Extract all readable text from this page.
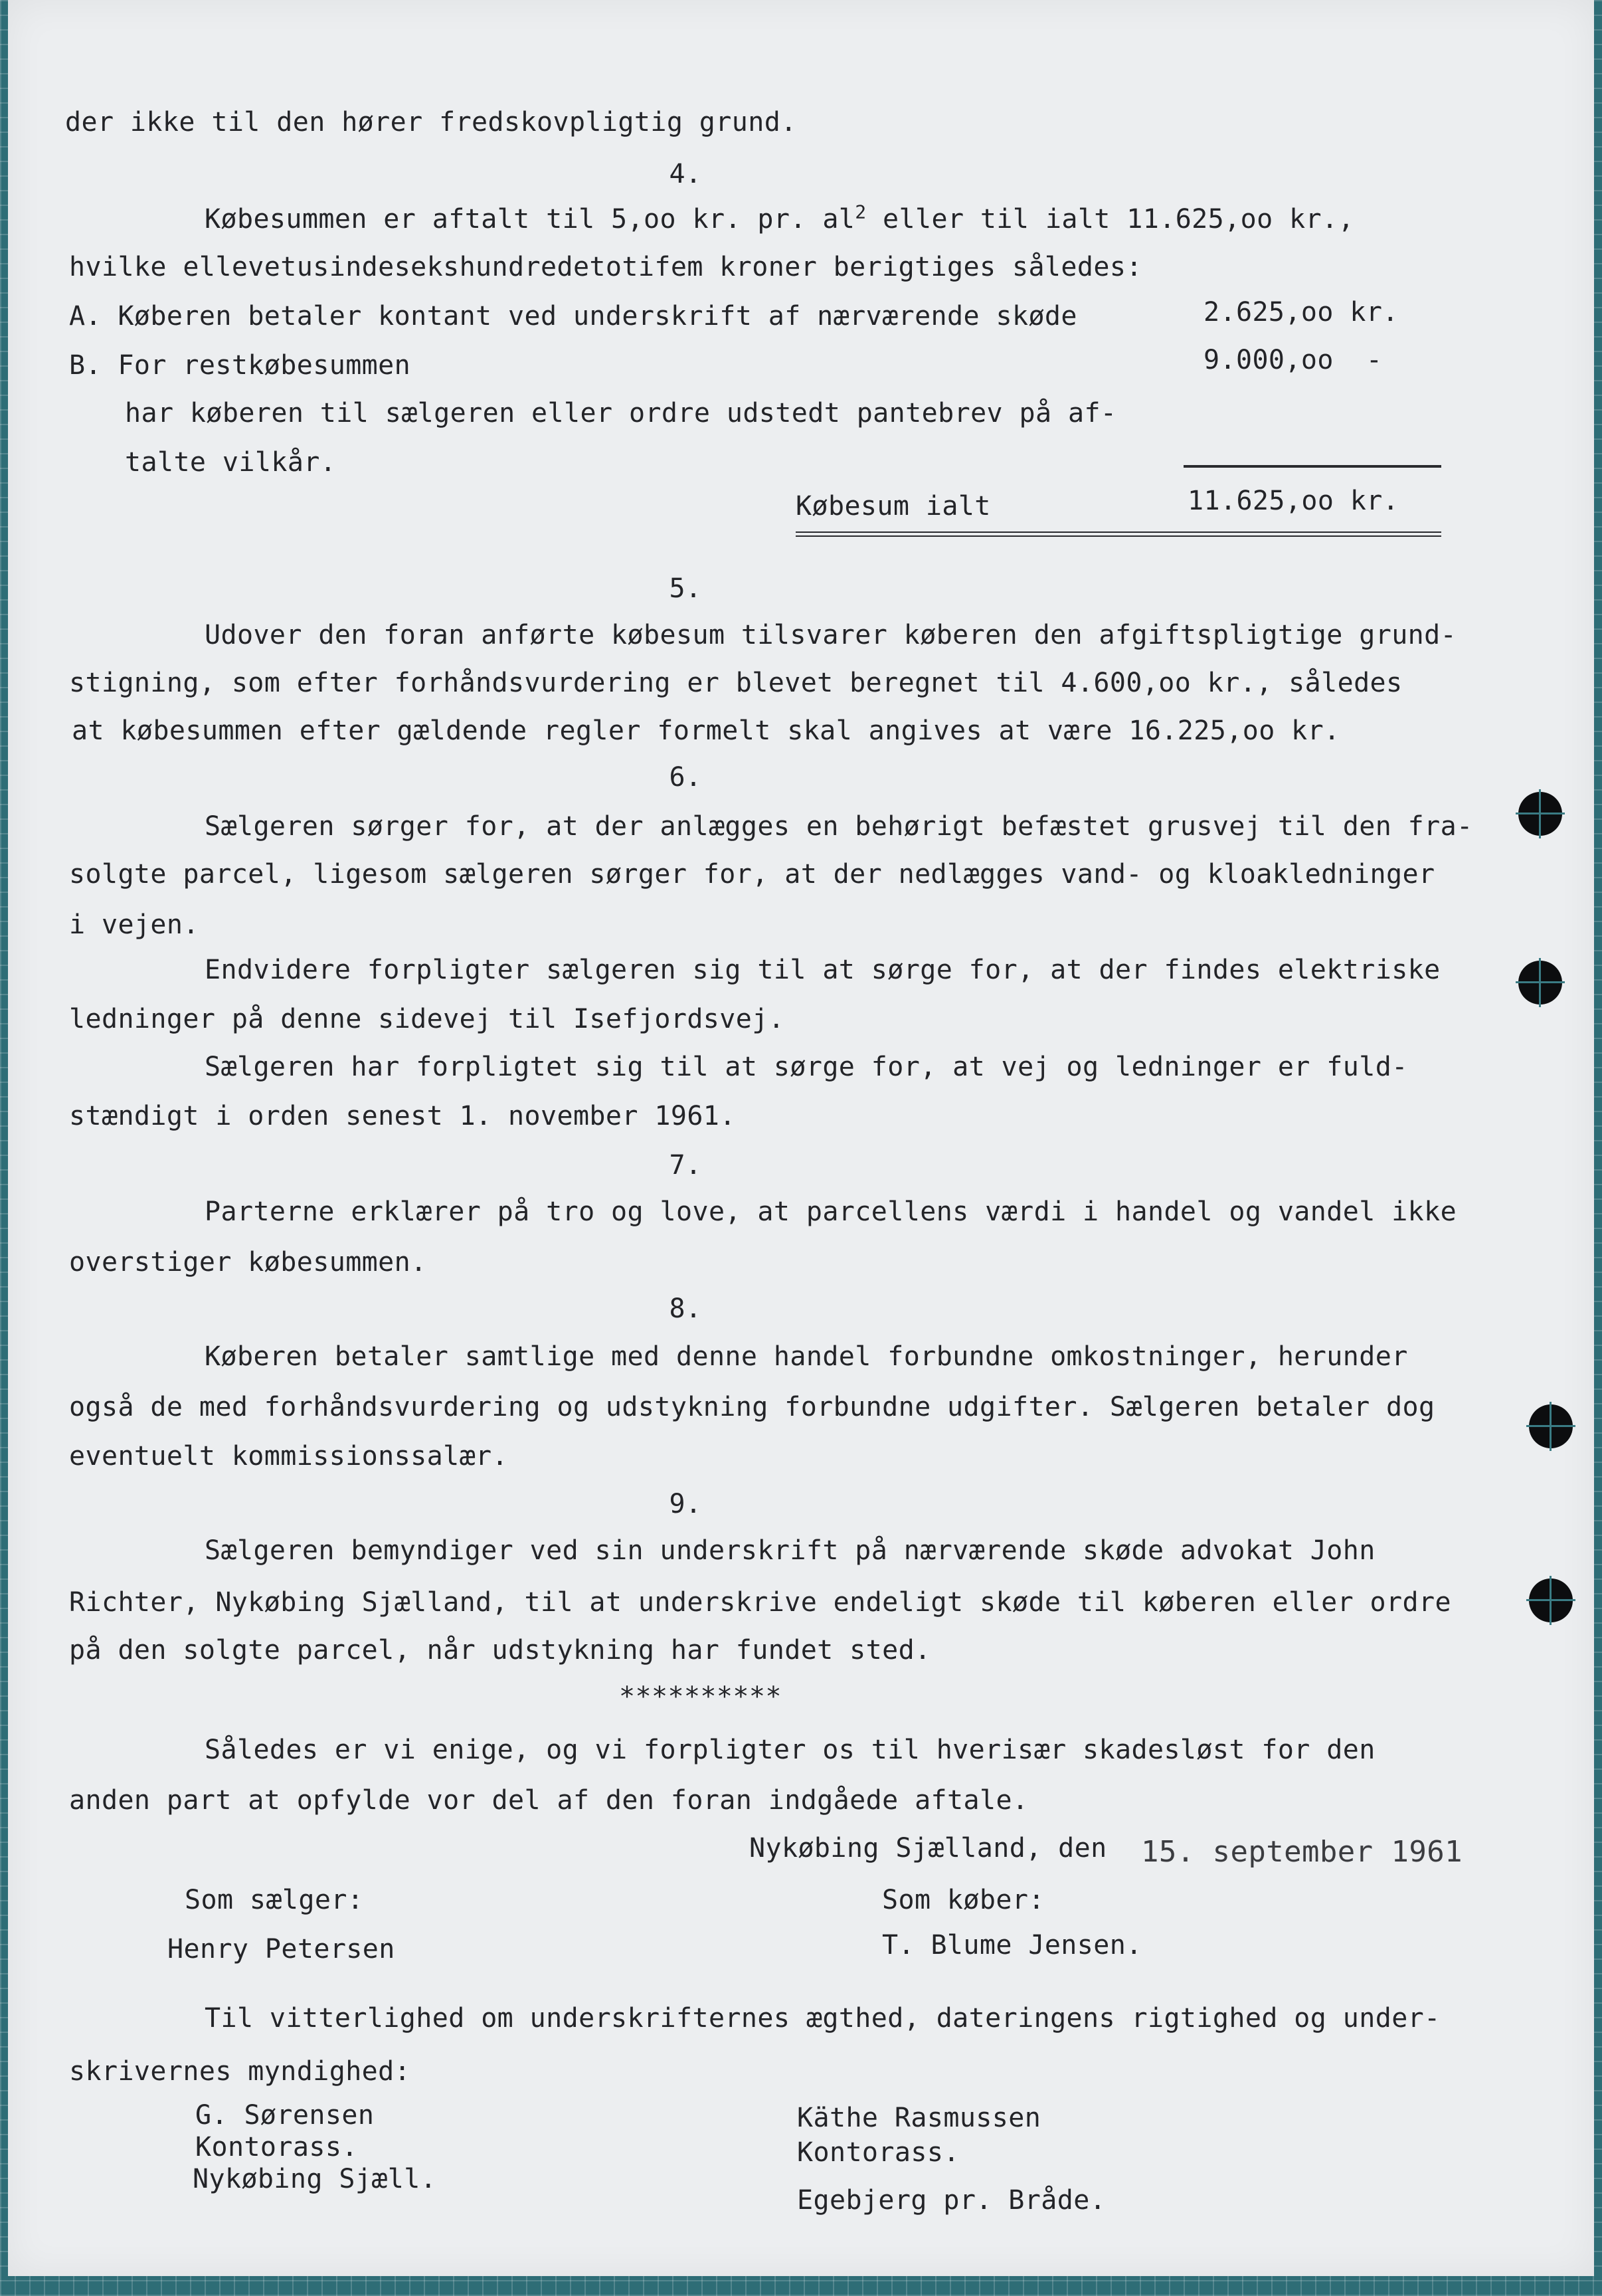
der ikke til den hører fredskovpligtig grund.

4.

Købesummen er aftalt til 5,oo kr. pr. $al^2$ eller til ialt 11.625,oo kr.,

hvilke ellevetusindesekshundredetotifem kroner berigtiges således:

A. Køberen betaler kontant ved underskrift af nærværende skøde	2.625,oo kr.

B. For restkøbesummen	9.000,oo  -

har køberen til sælgeren eller ordre udstedt pantebrev på af-

talte vilkår.

Købesum ialt	11.625,oo kr.

5.

Udover den foran anførte købesum tilsvarer køberen den afgiftspligtige grund-

stigning, som efter forhåndsvurdering er blevet beregnet til 4.600,oo kr., således

at købesummen efter gældende regler formelt skal angives at være 16.225,oo kr.

6.

Sælgeren sørger for, at der anlægges en behørigt befæstet grusvej til den fra-

solgte parcel, ligesom sælgeren sørger for, at der nedlægges vand- og kloakledninger

i vejen.

Endvidere forpligter sælgeren sig til at sørge for, at der findes elektriske

ledninger på denne sidevej til Isefjordsvej.

Sælgeren har forpligtet sig til at sørge for, at vej og ledninger er fuld-

stændigt i orden senest 1. november 1961.

7.

Parterne erklærer på tro og love, at parcellens værdi i handel og vandel ikke

overstiger købesummen.

8.

Køberen betaler samtlige med denne handel forbundne omkostninger, herunder

også de med forhåndsvurdering og udstykning forbundne udgifter. Sælgeren betaler dog

eventuelt kommissionssalær.

9.

Sælgeren bemyndiger ved sin underskrift på nærværende skøde advokat John

Richter, Nykøbing Sjælland, til at underskrive endeligt skøde til køberen eller ordre

på den solgte parcel, når udstykning har fundet sted.

**********

Således er vi enige, og vi forpligter os til hverisær skadesløst for den

anden part at opfylde vor del af den foran indgåede aftale.

Nykøbing Sjælland, den 15. september 1961

Som sælger:	Som køber:

Henry Petersen	T. Blume Jensen.

Til vitterlighed om underskrifternes ægthed, dateringens rigtighed og under-

skrivernes myndighed:

G. Sørensen

Kontorass.

Nykøbing Sjæll.

Käthe Rasmussen

Kontorass.

Egebjerg pr. Bråde.
